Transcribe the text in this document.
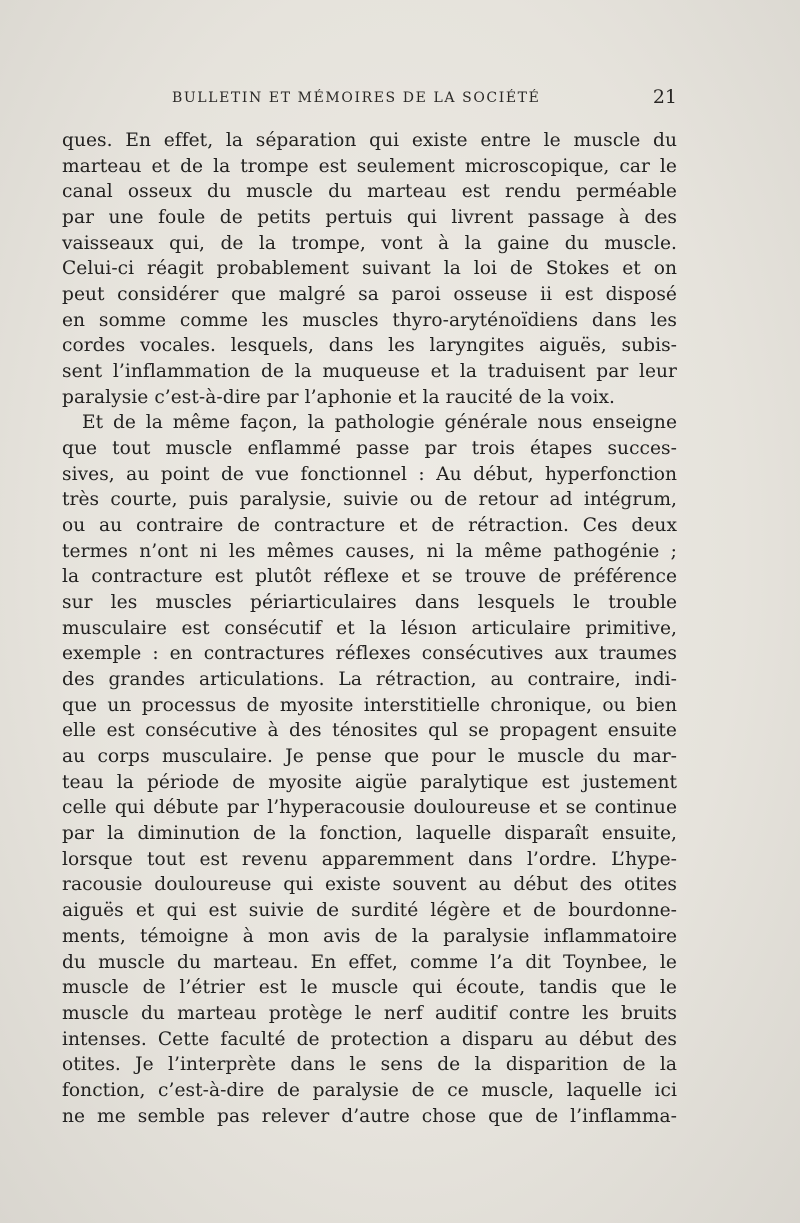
BULLETIN ET MÉMOIRES DE LA SOCIÉTÉ	21
ques. En effet, la séparation qui existe entre le muscle du
marteau et de la trompe est seulement microscopique, car le
canal osseux du muscle du marteau est rendu perméable
par une foule de petits pertuis qui livrent passage à des
vaisseaux qui, de la trompe, vont à la gaine du muscle.
Celui-ci réagit probablement suivant la loi de Stokes et on
peut considérer que malgré sa paroi osseuse ii est disposé
en somme comme les muscles thyro-aryténoïdiens dans les
cordes vocales. lesquels, dans les laryngites aiguës, subis-
sent l’inflammation de la muqueuse et la traduisent par leur
paralysie c’est-à-dire par l’aphonie et la raucité de la voix.
Et de la même façon, la pathologie générale nous enseigne
que tout muscle enflammé passe par trois étapes succes-
sives, au point de vue fonctionnel : Au début, hyperfonction
très courte, puis paralysie, suivie ou de retour ad intégrum,
ou au contraire de contracture et de rétraction. Ces deux
termes n’ont ni les mêmes causes, ni la même pathogénie ;
la contracture est plutôt réflexe et se trouve de préférence
sur les muscles périarticulaires dans lesquels le trouble
musculaire est consécutif et la lésıon articulaire primitive,
exemple : en contractures réflexes consécutives aux traumes
des grandes articulations. La rétraction, au contraire, indi-
que un processus de myosite interstitielle chronique, ou bien
elle est consécutive à des ténosites qul se propagent ensuite
au corps musculaire. Je pense que pour le muscle du mar-
teau la période de myosite aigüe paralytique est justement
celle qui débute par l’hyperacousie douloureuse et se continue
par la diminution de la fonction, laquelle disparaît ensuite,
lorsque tout est revenu apparemment dans l’ordre. L’hype-
racousie douloureuse qui existe souvent au début des otites
aiguës et qui est suivie de surdité légère et de bourdonne-
ments, témoigne à mon avis de la paralysie inflammatoire
du muscle du marteau. En effet, comme l’a dit Toynbee, le
muscle de l’étrier est le muscle qui écoute, tandis que le
muscle du marteau protège le nerf auditif contre les bruits
intenses. Cette faculté de protection a disparu au début des
otites. Je l’interprète dans le sens de la disparition de la
fonction, c’est-à-dire de paralysie de ce muscle, laquelle ici
ne me semble pas relever d’autre chose que de l’inflamma-
